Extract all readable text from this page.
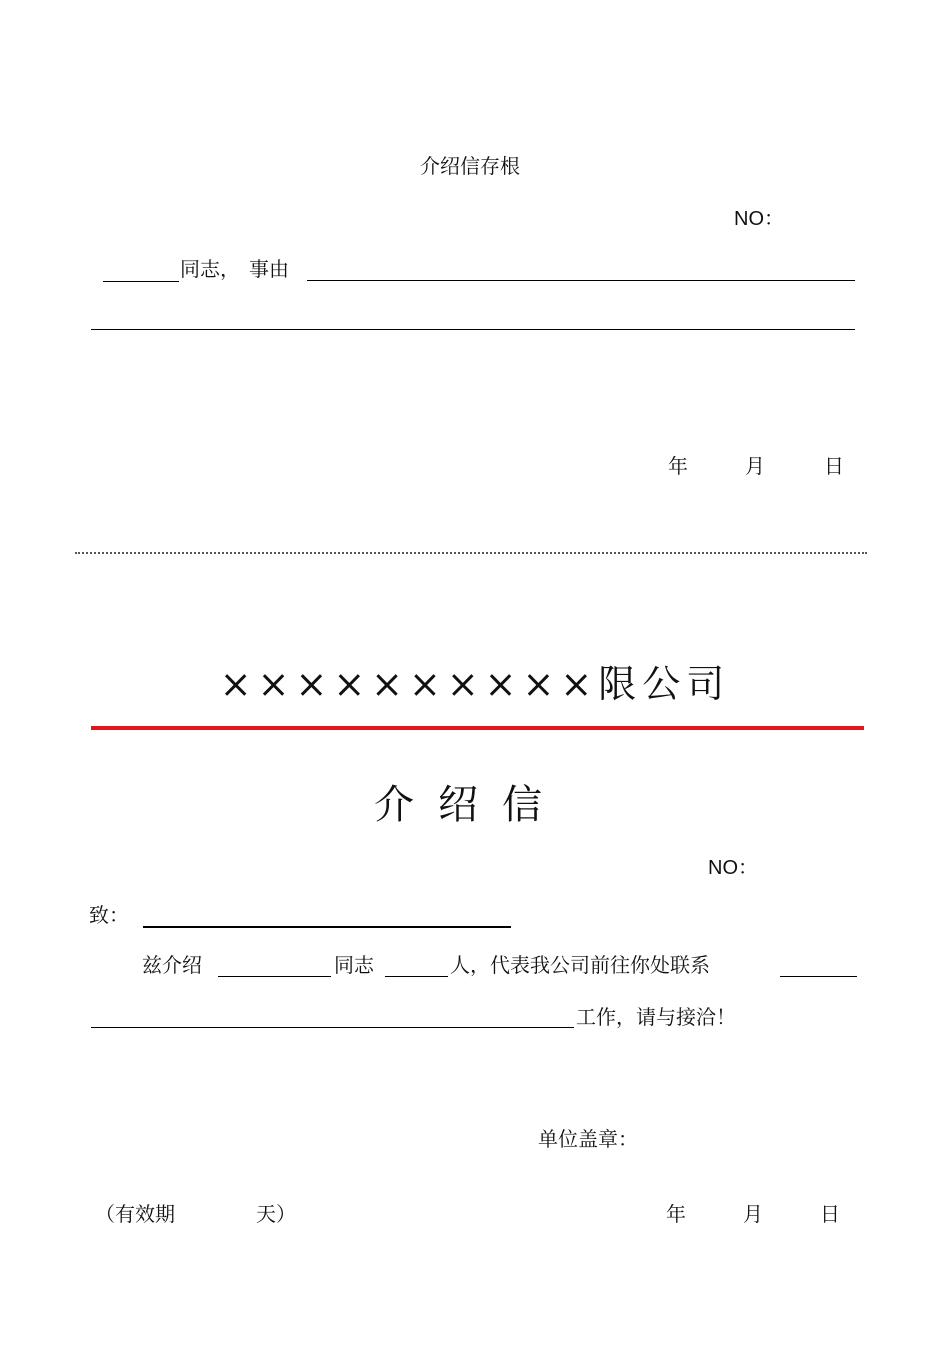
介绍信存根
NO：
同志， 事由
年	月	日
××××××××××限公司
介绍信
NO：
致：
兹介绍	同志	人，代表我公司前往你处联系
工作，请与接洽！
单位盖章：
（有效期	天）	年	月	日
